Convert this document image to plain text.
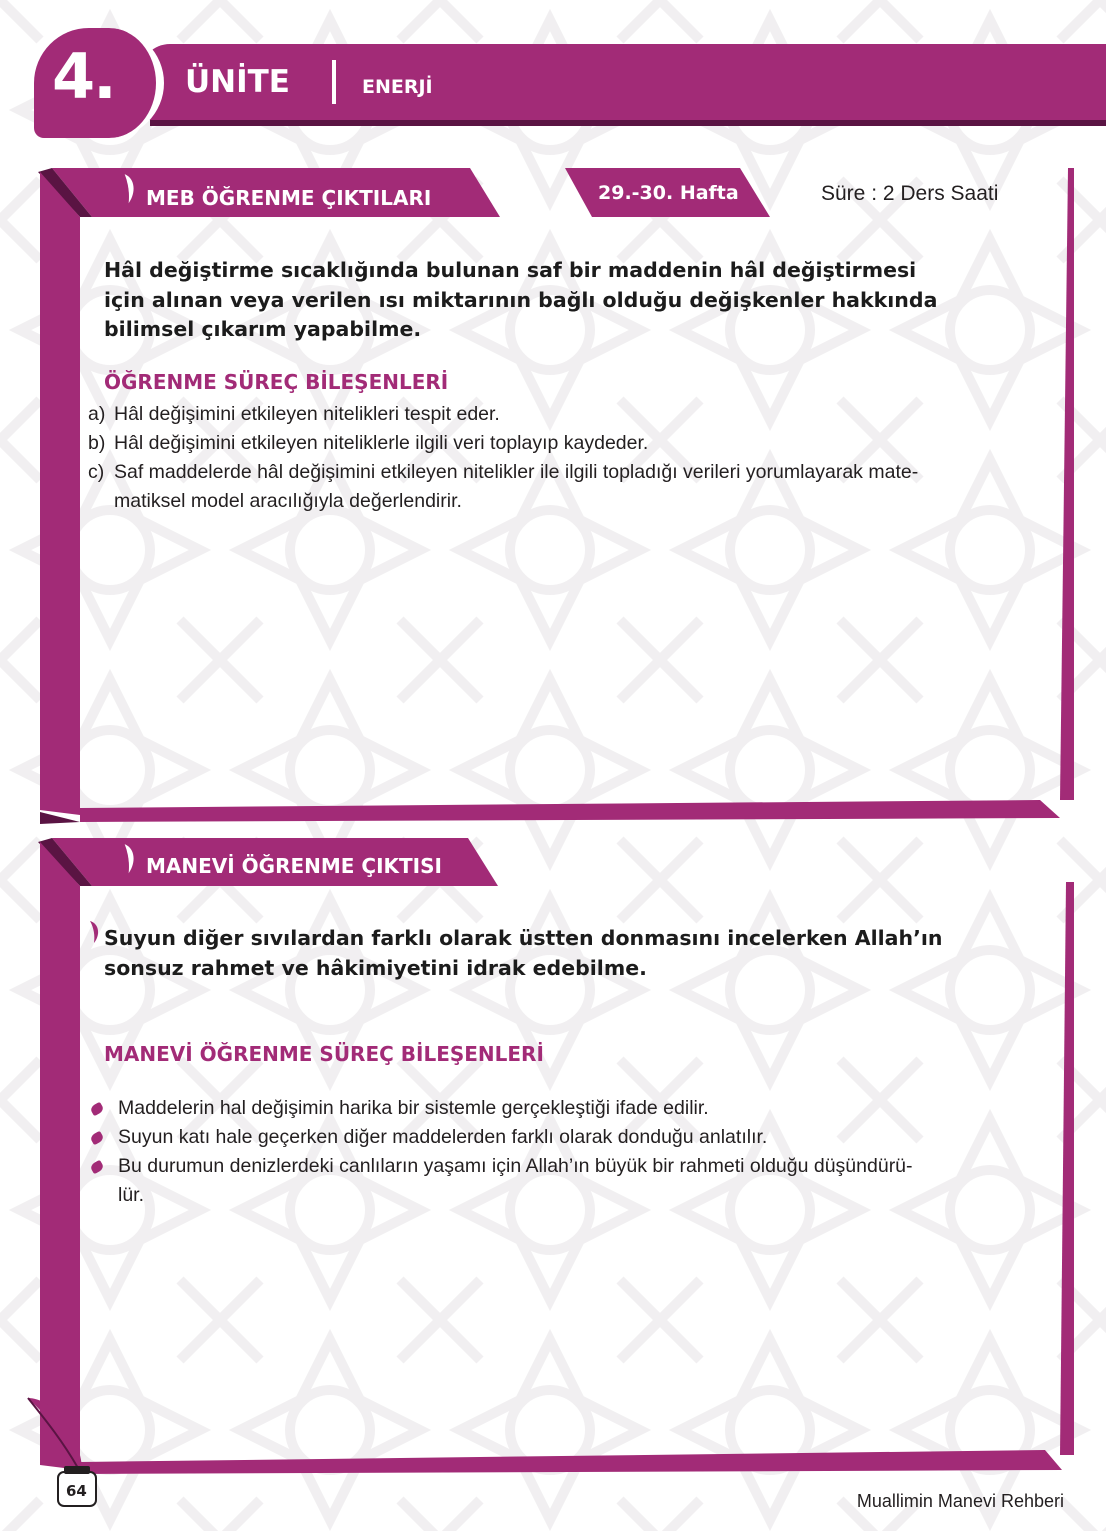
4. ÜNİTE	ENERJİ
MEB ÖĞRENME ÇIKTILARI	29.-30. Hafta	Süre : 2 Ders Saati
Hâl değiştirme sıcaklığında bulunan saf bir maddenin hâl değiştirmesi
için alınan veya verilen ısı miktarının bağlı olduğu değişkenler hakkında
bilimsel çıkarım yapabilme.
ÖĞRENME SÜREÇ BİLEŞENLERİ
a) Hâl değişimini etkileyen nitelikleri tespit eder.
b) Hâl değişimini etkileyen niteliklerle ilgili veri toplayıp kaydeder.
c) Saf maddelerde hâl değişimini etkileyen nitelikler ile ilgili topladığı verileri yorumlayarak mate-
matiksel model aracılığıyla değerlendirir.
MANEVİ ÖĞRENME ÇIKTISI
Suyun diğer sıvılardan farklı olarak üstten donmasını incelerken Allah’ın
sonsuz rahmet ve hâkimiyetini idrak edebilme.
MANEVİ ÖĞRENME SÜREÇ BİLEŞENLERİ
Maddelerin hal değişimin harika bir sistemle gerçekleştiği ifade edilir.
Suyun katı hale geçerken diğer maddelerden farklı olarak donduğu anlatılır.
Bu durumun denizlerdeki canlıların yaşamı için Allah’ın büyük bir rahmeti olduğu düşündürü-
lür.
64	Muallimin Manevi Rehberi
